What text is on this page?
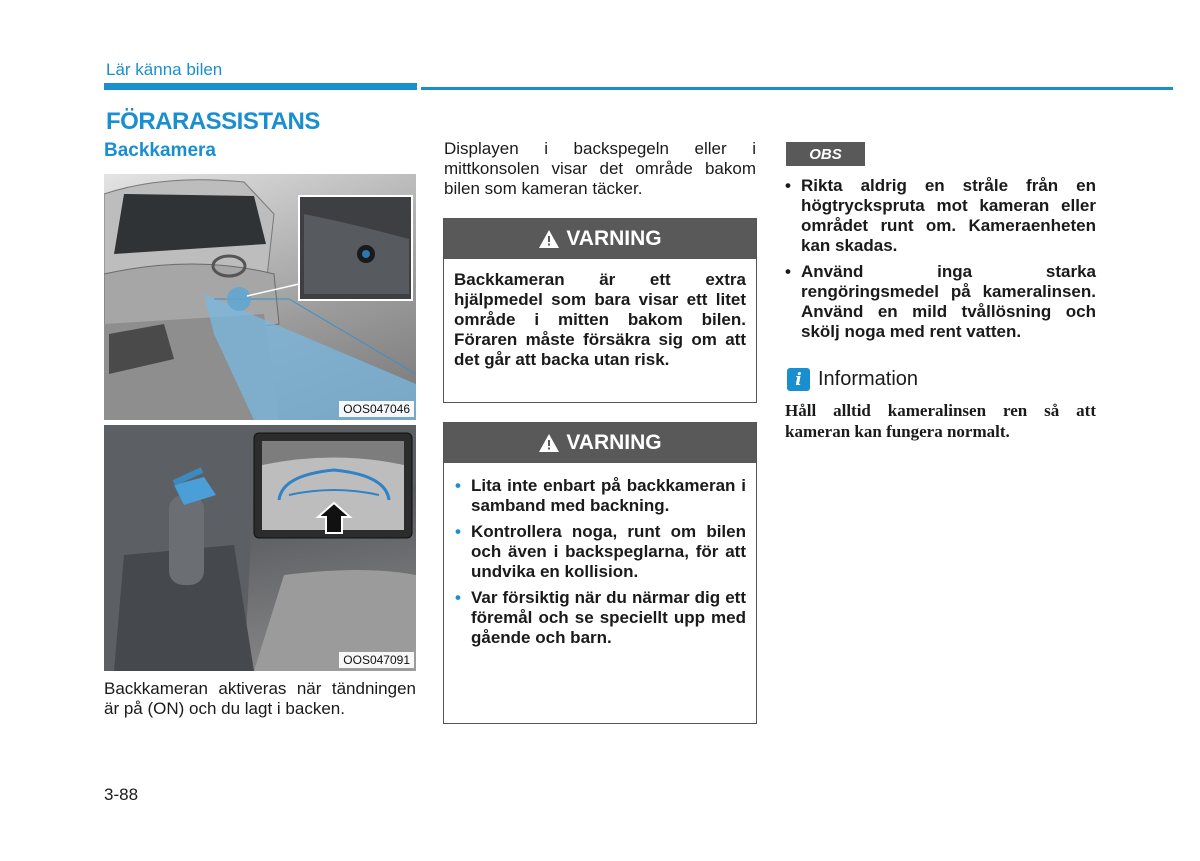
Lär känna bilen
FÖRARASSISTANS
Backkamera
OOS047046
OOS047091
Backkameran aktiveras när tändningen är på (ON) och du lagt i backen.
Displayen i backspegeln eller i mittkonsolen visar det område bakom bilen som kameran täcker.
VARNING
Backkameran är ett extra hjälpmedel som bara visar ett litet område i mitten bakom bilen. Föraren måste försäkra sig om att det går att backa utan risk.
VARNING
• Lita inte enbart på backkameran i samband med backning.
• Kontrollera noga, runt om bilen och även i backspeglarna, för att undvika en kollision.
• Var försiktig när du närmar dig ett föremål och se speciellt upp med gående och barn.
OBS
• Rikta aldrig en stråle från en högtryckspruta mot kameran eller området runt om. Kameraenheten kan skadas.
• Använd inga starka rengöringsmedel på kameralinsen. Använd en mild tvållösning och skölj noga med rent vatten.
i Information
Håll alltid kameralinsen ren så att kameran kan fungera normalt.
3-88
